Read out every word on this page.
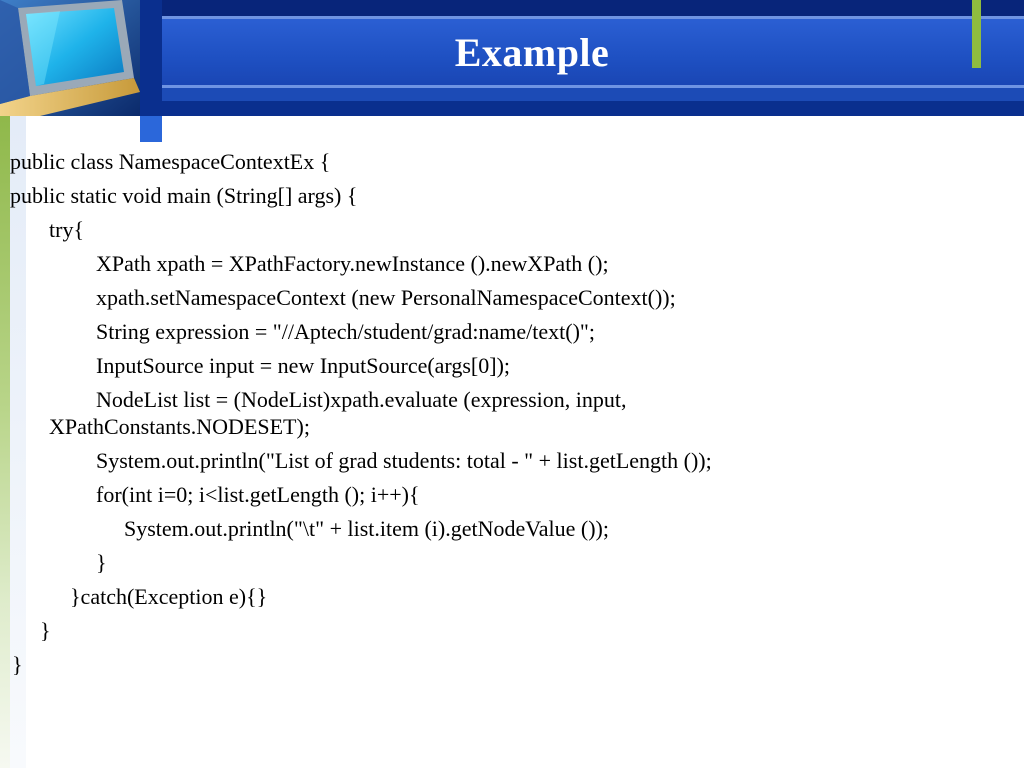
Example
public class NamespaceContextEx {
public static void main (String[] args) {
try{
XPath xpath = XPathFactory.newInstance ().newXPath ();
xpath.setNamespaceContext (new PersonalNamespaceContext());
String expression = "//Aptech/student/grad:name/text()";
InputSource input = new InputSource(args[0]);
NodeList list = (NodeList)xpath.evaluate (expression, input,
XPathConstants.NODESET);
System.out.println("List of grad students: total - " + list.getLength ());
for(int i=0; i<list.getLength (); i++){
System.out.println("\t" + list.item (i).getNodeValue ());
}
}catch(Exception e){}
}
}
